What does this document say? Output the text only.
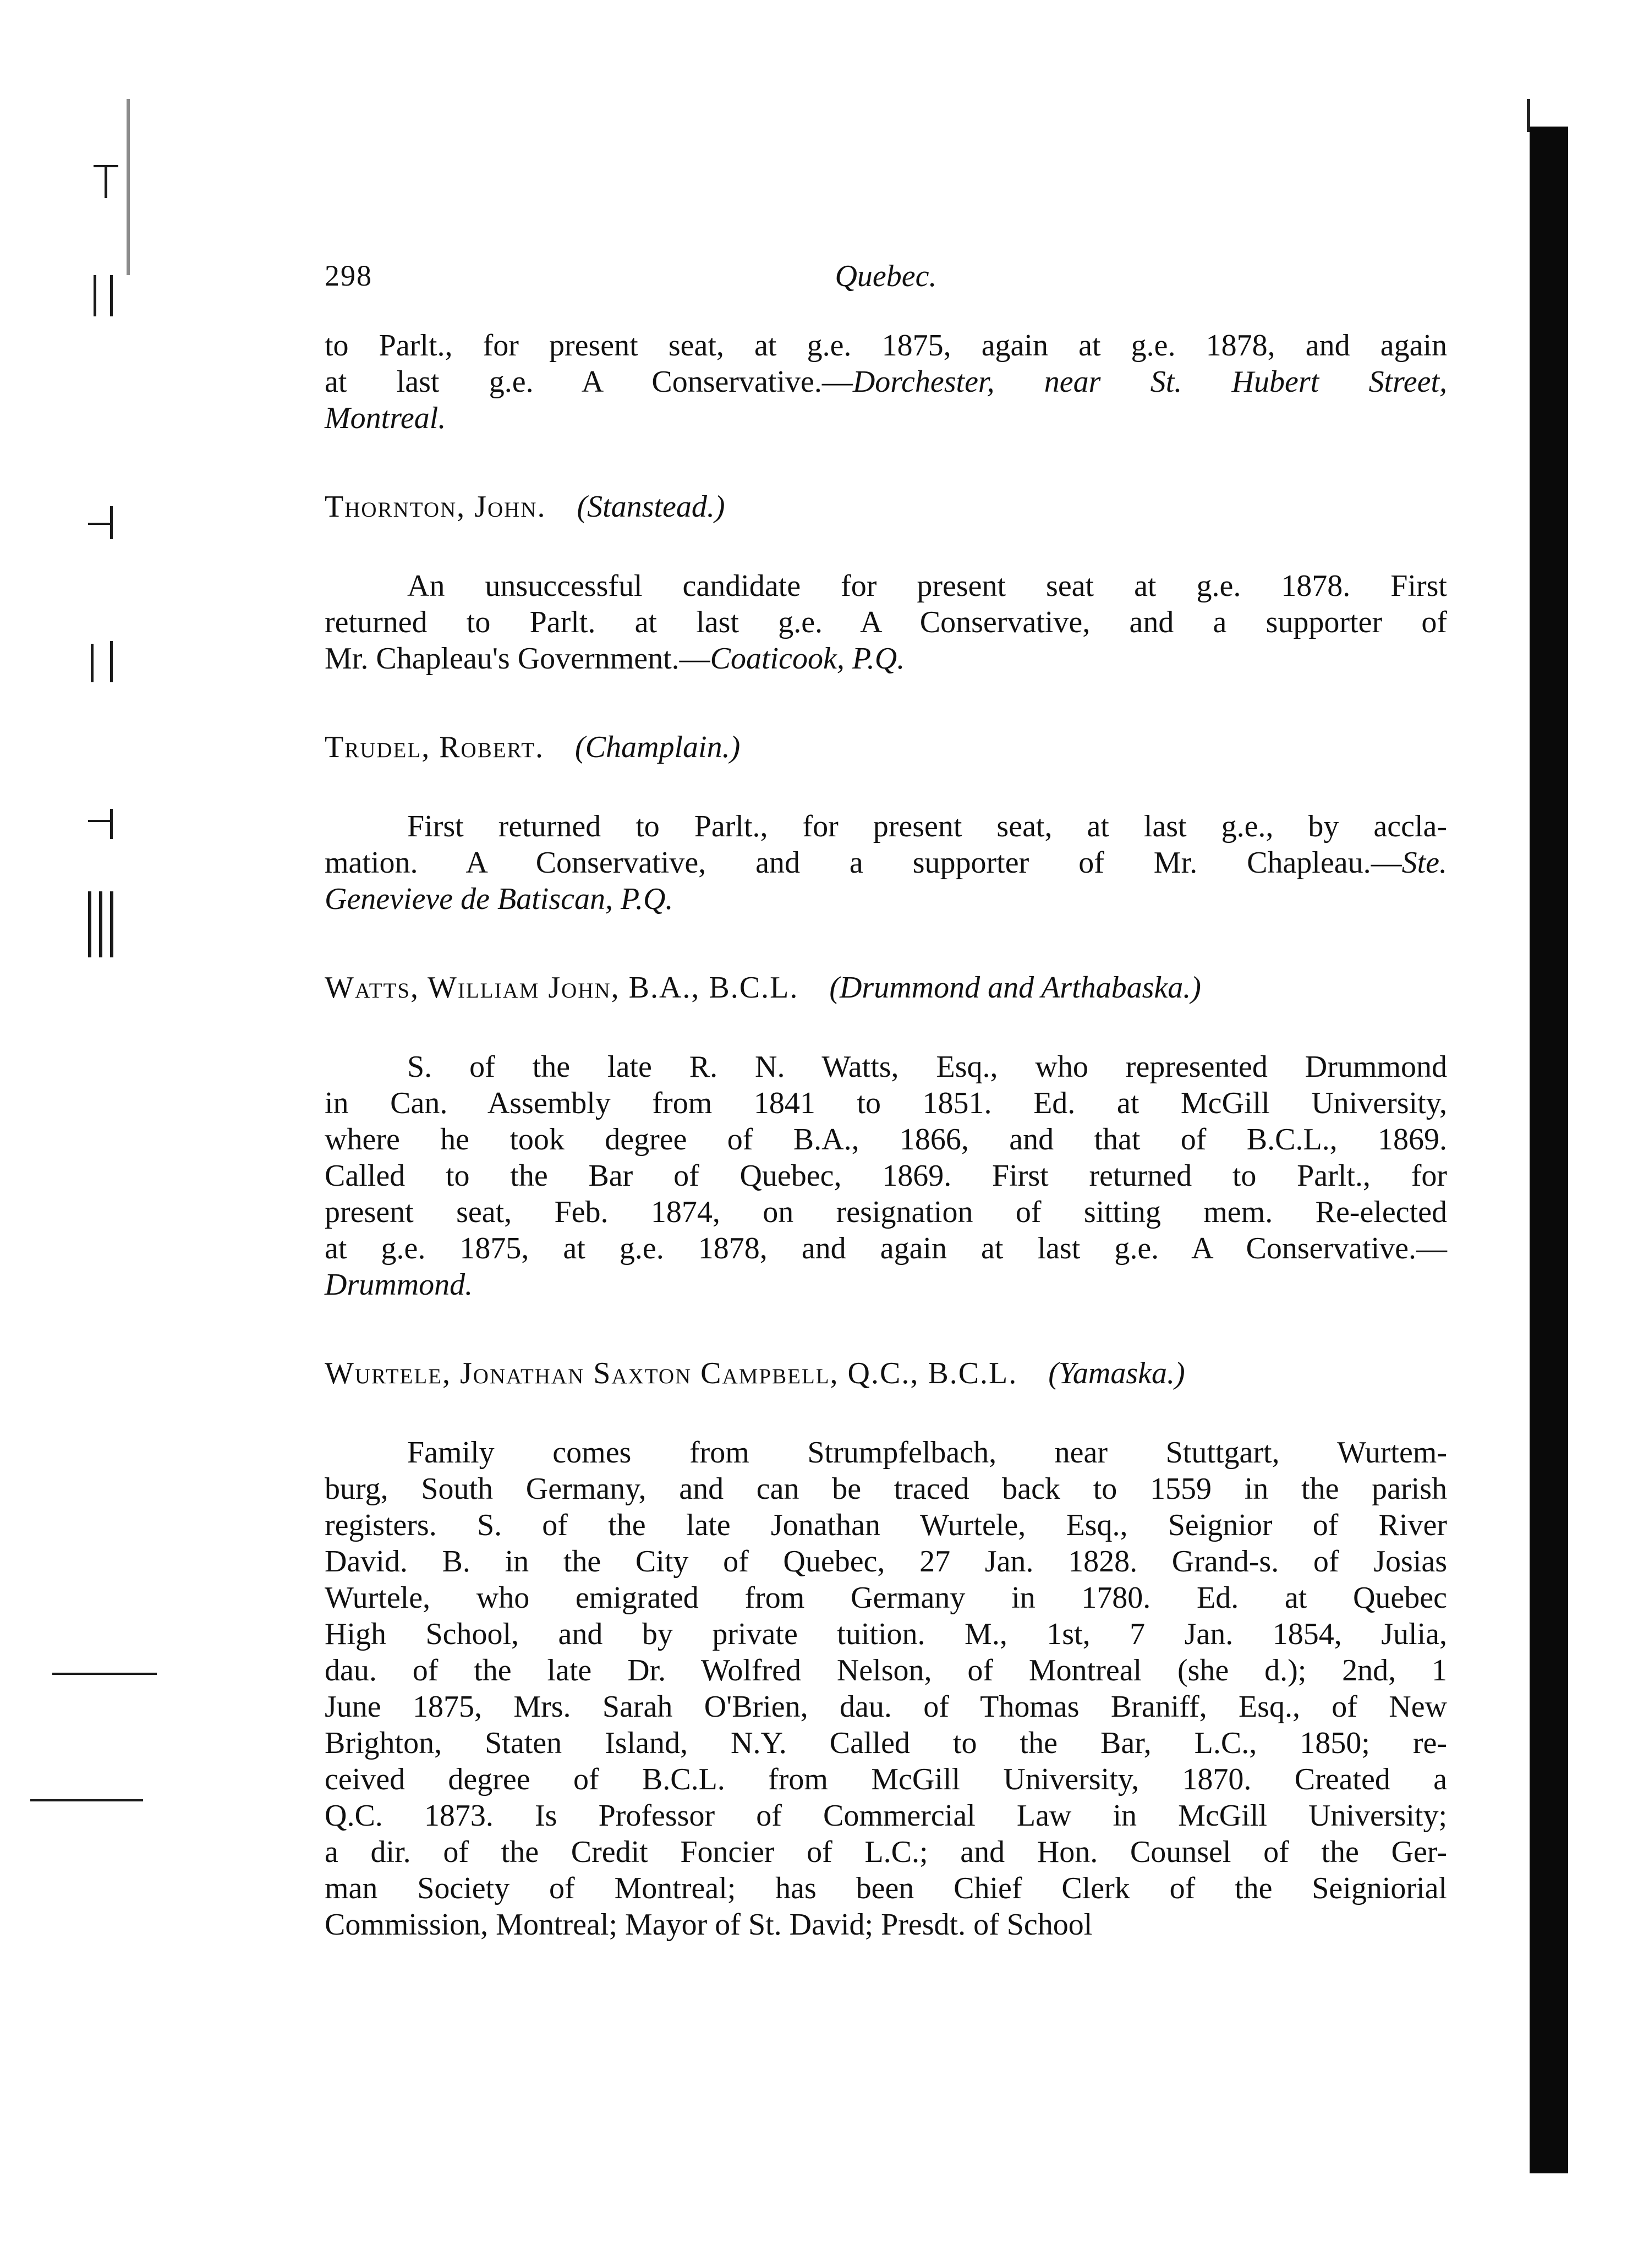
298	Quebec.
to Parlt., for present seat, at g.e. 1875, again at g.e. 1878, and again
at last g.e. A Conservative.—Dorchester, near St. Hubert Street,
Montreal.
Thornton, John.   (Stanstead.)
An unsuccessful candidate for present seat at g.e. 1878. First
returned to Parlt. at last g.e. A Conservative, and a supporter of
Mr. Chapleau's Government.—Coaticook, P.Q.
Trudel, Robert.   (Champlain.)
First returned to Parlt., for present seat, at last g.e., by accla-
mation. A Conservative, and a supporter of Mr. Chapleau.—Ste.
Genevieve de Batiscan, P.Q.
Watts, William John, B.A., B.C.L.   (Drummond and Arthabaska.)
S. of the late R. N. Watts, Esq., who represented Drummond
in Can. Assembly from 1841 to 1851. Ed. at McGill University,
where he took degree of B.A., 1866, and that of B.C.L., 1869.
Called to the Bar of Quebec, 1869. First returned to Parlt., for
present seat, Feb. 1874, on resignation of sitting mem. Re-elected
at g.e. 1875, at g.e. 1878, and again at last g.e. A Conservative.—
Drummond.
Wurtele, Jonathan Saxton Campbell, Q.C., B.C.L.   (Yamaska.)
Family comes from Strumpfelbach, near Stuttgart, Wurtem-
burg, South Germany, and can be traced back to 1559 in the parish
registers. S. of the late Jonathan Wurtele, Esq., Seignior of River
David. B. in the City of Quebec, 27 Jan. 1828. Grand-s. of Josias
Wurtele, who emigrated from Germany in 1780. Ed. at Quebec
High School, and by private tuition. M., 1st, 7 Jan. 1854, Julia,
dau. of the late Dr. Wolfred Nelson, of Montreal (she d.); 2nd, 1
June 1875, Mrs. Sarah O'Brien, dau. of Thomas Braniff, Esq., of New
Brighton, Staten Island, N.Y. Called to the Bar, L.C., 1850; re-
ceived degree of B.C.L. from McGill University, 1870. Created a
Q.C. 1873. Is Professor of Commercial Law in McGill University;
a dir. of the Credit Foncier of L.C.; and Hon. Counsel of the Ger-
man Society of Montreal; has been Chief Clerk of the Seigniorial
Commission, Montreal; Mayor of St. David; Presdt. of School
